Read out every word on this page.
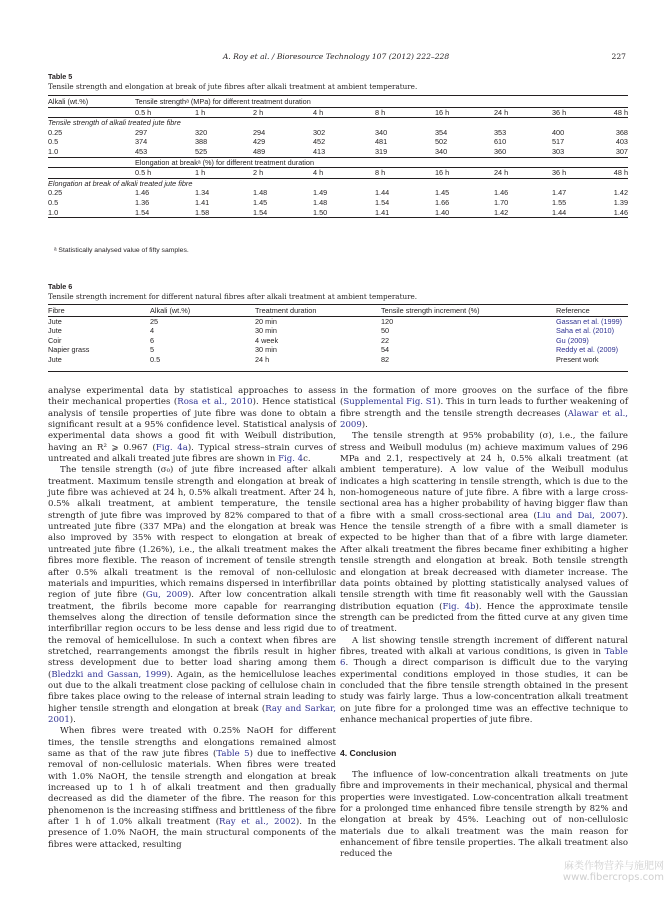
A. Roy et al. / Bioresource Technology 107 (2012) 222–228	227
Table 5
Tensile strength and elongation at break of jute fibres after alkali treatment at ambient temperature.
Alkali (wt.%)	Tensile strengthᵃ (MPa) for different treatment duration								
	0.5 h	1 h	2 h	4 h	8 h	16 h	24 h	36 h	48 h
Tensile strength of alkali treated jute fibre									
0.25	297	320	294	302	340	354	353	400	368
0.5	374	388	429	452	481	502	610	517	403
1.0	453	525	489	413	319	340	360	303	307
	Elongation at breakᵃ (%) for different treatment duration								
	0.5 h	1 h	2 h	4 h	8 h	16 h	24 h	36 h	48 h
Elongation at break of alkali treated jute fibre									
0.25	1.46	1.34	1.48	1.49	1.44	1.45	1.46	1.47	1.42
0.5	1.36	1.41	1.45	1.48	1.54	1.66	1.70	1.55	1.39
1.0	1.54	1.58	1.54	1.50	1.41	1.40	1.42	1.44	1.46
ᵃ Statistically analysed value of fifty samples.
Table 6
Tensile strength increment for different natural fibres after alkali treatment at ambient temperature.
Fibre	Alkali (wt.%)	Treatment duration	Tensile strength increment (%)	Reference
Jute	25	20 min	120	Gassan et al. (1999)
Jute	4	30 min	50	Saha et al. (2010)
Coir	6	4 week	22	Gu (2009)
Napier grass	5	30 min	54	Reddy et al. (2009)
Jute	0.5	24 h	82	Present work

analyse experimental data by statistical approaches to assess their mechanical properties (Rosa et al., 2010). Hence statistical analysis of tensile properties of jute fibre was done to obtain a significant result at a 95% confidence level. Statistical analysis of experimental data shows a good fit with Weibull distribution, having an R² ⩾ 0.967 (Fig. 4a). Typical stress–strain curves of untreated and alkali treated jute fibres are shown in Fig. 4c.

The tensile strength (σ₀) of jute fibre increased after alkali treatment. Maximum tensile strength and elongation at break of jute fibre was achieved at 24 h, 0.5% alkali treatment. After 24 h, 0.5% alkali treatment, at ambient temperature, the tensile strength of jute fibre was improved by 82% compared to that of untreated jute fibre (337 MPa) and the elongation at break was also improved by 35% with respect to elongation at break of untreated jute fibre (1.26%), i.e., the alkali treatment makes the fibres more flexible. The reason of increment of tensile strength after 0.5% alkali treatment is the removal of non-cellulosic materials and impurities, which remains dispersed in interfibrillar region of jute fibre (Gu, 2009). After low concentration alkali treatment, the fibrils become more capable for rearranging themselves along the direction of tensile deformation since the interfibrillar region occurs to be less dense and less rigid due to the removal of hemicellulose. In such a context when fibres are stretched, rearrangements amongst the fibrils result in higher stress development due to better load sharing among them (Bledzki and Gassan, 1999). Again, as the hemicellulose leaches out due to the alkali treatment close packing of cellulose chain in fibre takes place owing to the release of internal strain leading to higher tensile strength and elongation at break (Ray and Sarkar, 2001).

When fibres were treated with 0.25% NaOH for different times, the tensile strengths and elongations remained almost same as that of the raw jute fibres (Table 5) due to ineffective removal of non-cellulosic materials. When fibres were treated with 1.0% NaOH, the tensile strength and elongation at break increased up to 1 h of alkali treatment and then gradually decreased as did the diameter of the fibre. The reason for this phenomenon is the increasing stiffness and brittleness of the fibre after 1 h of 1.0% alkali treatment (Ray et al., 2002). In the presence of 1.0% NaOH, the main structural components of the fibres were attacked, resulting

in the formation of more grooves on the surface of the fibre (Supplemental Fig. S1). This in turn leads to further weakening of fibre strength and the tensile strength decreases (Alawar et al., 2009).

The tensile strength at 95% probability (σ), i.e., the failure stress and Weibull modulus (m) achieve maximum values of 296 MPa and 2.1, respectively at 24 h, 0.5% alkali treatment (at ambient temperature). A low value of the Weibull modulus indicates a high scattering in tensile strength, which is due to the non-homogeneous nature of jute fibre. A fibre with a large cross-sectional area has a higher probability of having bigger flaw than a fibre with a small cross-sectional area (Liu and Dai, 2007). Hence the tensile strength of a fibre with a small diameter is expected to be higher than that of a fibre with large diameter. After alkali treatment the fibres became finer exhibiting a higher tensile strength and elongation at break. Both tensile strength and elongation at break decreased with diameter increase. The data points obtained by plotting statistically analysed values of tensile strength with time fit reasonably well with the Gaussian distribution equation (Fig. 4b). Hence the approximate tensile strength can be predicted from the fitted curve at any given time of treatment.

A list showing tensile strength increment of different natural fibres, treated with alkali at various conditions, is given in Table 6. Though a direct comparison is difficult due to the varying experimental conditions employed in those studies, it can be concluded that the fibre tensile strength obtained in the present study was fairly large. Thus a low-concentration alkali treatment on jute fibre for a prolonged time was an effective technique to enhance mechanical properties of jute fibre.

4. Conclusion

The influence of low-concentration alkali treatments on jute fibre and improvements in their mechanical, physical and thermal properties were investigated. Low-concentration alkali treatment for a prolonged time enhanced fibre tensile strength by 82% and elongation at break by 45%. Leaching out of non-cellulosic materials due to alkali treatment was the main reason for enhancement of fibre tensile properties. The alkali treatment also reduced the

麻类作物营养与施肥网
www.fibercrops.com
